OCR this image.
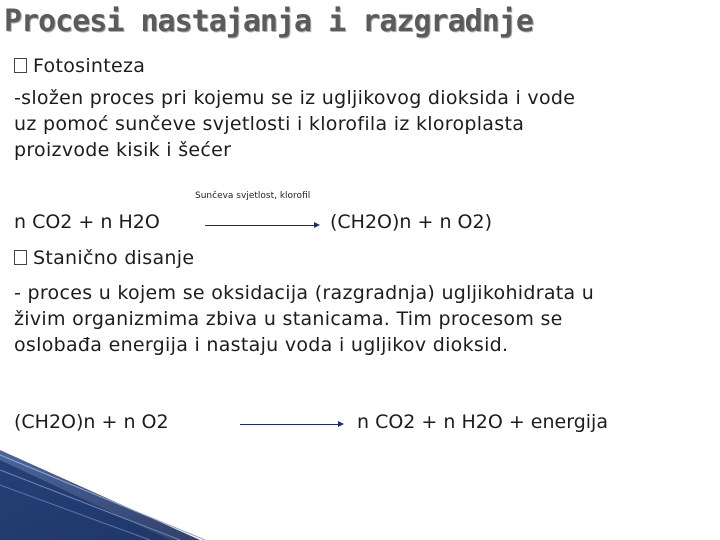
Procesi nastajanja i razgradnje
Fotosinteza
-složen proces pri kojemu se iz ugljikovog dioksida i vode
uz pomoć sunčeve svjetlosti i klorofila iz kloroplasta
proizvode kisik i šećer
Sunčeva svjetlost, klorofil
n CO2 + n H2O	(CH2O)n + n O2)
Stanično disanje
- proces u kojem se oksidacija (razgradnja) ugljikohidrata u
živim organizmima zbiva u stanicama. Tim procesom se
oslobađa energija i nastaju voda i ugljikov dioksid.
(CH2O)n + n O2	n CO2 + n H2O + energija
